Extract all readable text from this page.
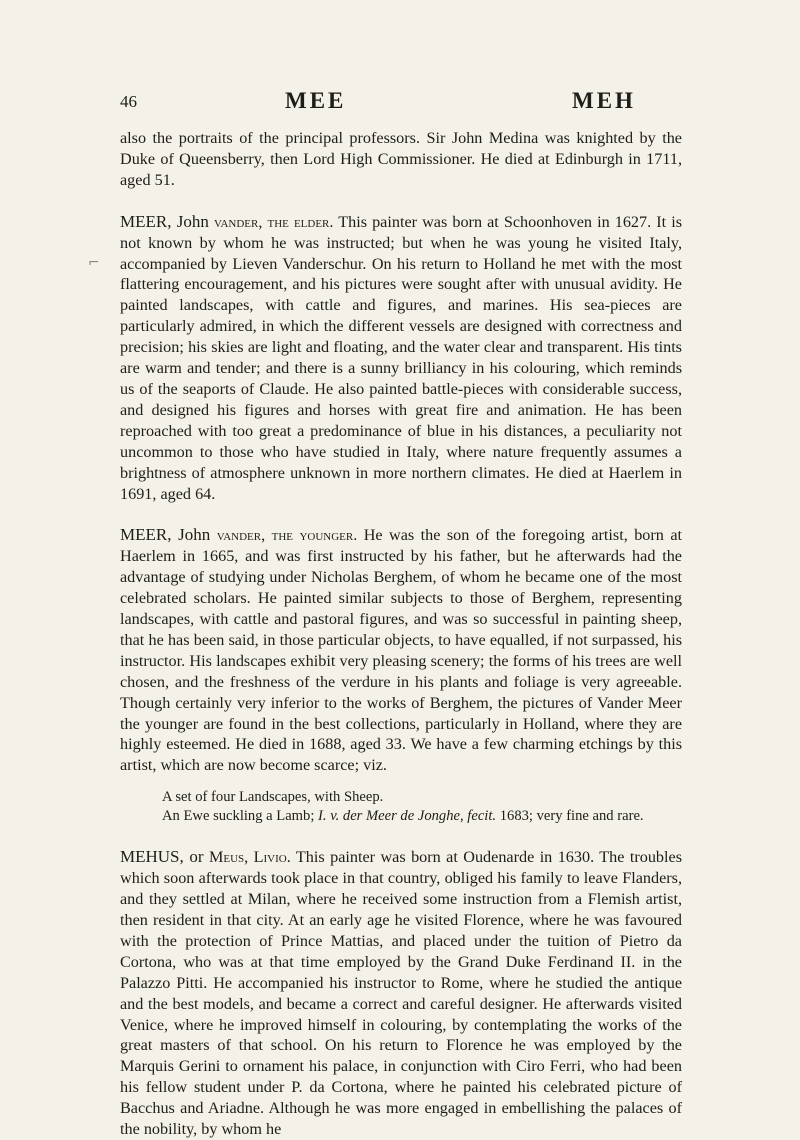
46	MEE	MEH
⌐

also the portraits of the principal professors. Sir John Medina was knighted by the Duke of Queensberry, then Lord High Commissioner. He died at Edinburgh in 1711, aged 51.

MEER, John vander, the elder. This painter was born at Schoonhoven in 1627. It is not known by whom he was instructed; but when he was young he visited Italy, accompanied by Lieven Vanderschur. On his return to Holland he met with the most flattering encouragement, and his pictures were sought after with unusual avidity. He painted landscapes, with cattle and figures, and marines. His sea-pieces are particularly admired, in which the different vessels are designed with correctness and precision; his skies are light and floating, and the water clear and transparent. His tints are warm and tender; and there is a sunny brilliancy in his colouring, which reminds us of the seaports of Claude. He also painted battle-pieces with considerable success, and designed his figures and horses with great fire and animation. He has been reproached with too great a predominance of blue in his distances, a peculiarity not uncommon to those who have studied in Italy, where nature frequently assumes a brightness of atmosphere unknown in more northern climates. He died at Haerlem in 1691, aged 64.

MEER, John vander, the younger. He was the son of the foregoing artist, born at Haerlem in 1665, and was first instructed by his father, but he afterwards had the advantage of studying under Nicholas Berghem, of whom he became one of the most celebrated scholars. He painted similar subjects to those of Berghem, representing landscapes, with cattle and pastoral figures, and was so successful in painting sheep, that he has been said, in those particular objects, to have equalled, if not surpassed, his instructor. His landscapes exhibit very pleasing scenery; the forms of his trees are well chosen, and the freshness of the verdure in his plants and foliage is very agreeable. Though certainly very inferior to the works of Berghem, the pictures of Vander Meer the younger are found in the best collections, particularly in Holland, where they are highly esteemed. He died in 1688, aged 33. We have a few charming etchings by this artist, which are now become scarce; viz.

A set of four Landscapes, with Sheep.

An Ewe suckling a Lamb; I. v. der Meer de Jonghe, fecit. 1683; very fine and rare.

MEHUS, or Meus, Livio. This painter was born at Oudenarde in 1630. The troubles which soon afterwards took place in that country, obliged his family to leave Flanders, and they settled at Milan, where he received some instruction from a Flemish artist, then resident in that city. At an early age he visited Florence, where he was favoured with the protection of Prince Mattias, and placed under the tuition of Pietro da Cortona, who was at that time employed by the Grand Duke Ferdinand II. in the Palazzo Pitti. He accompanied his instructor to Rome, where he studied the antique and the best models, and became a correct and careful designer. He afterwards visited Venice, where he improved himself in colouring, by contemplating the works of the great masters of that school. On his return to Florence he was employed by the Marquis Gerini to ornament his palace, in conjunction with Ciro Ferri, who had been his fellow student under P. da Cortona, where he painted his celebrated picture of Bacchus and Ariadne. Although he was more engaged in embellishing the palaces of the nobility, by whom he
